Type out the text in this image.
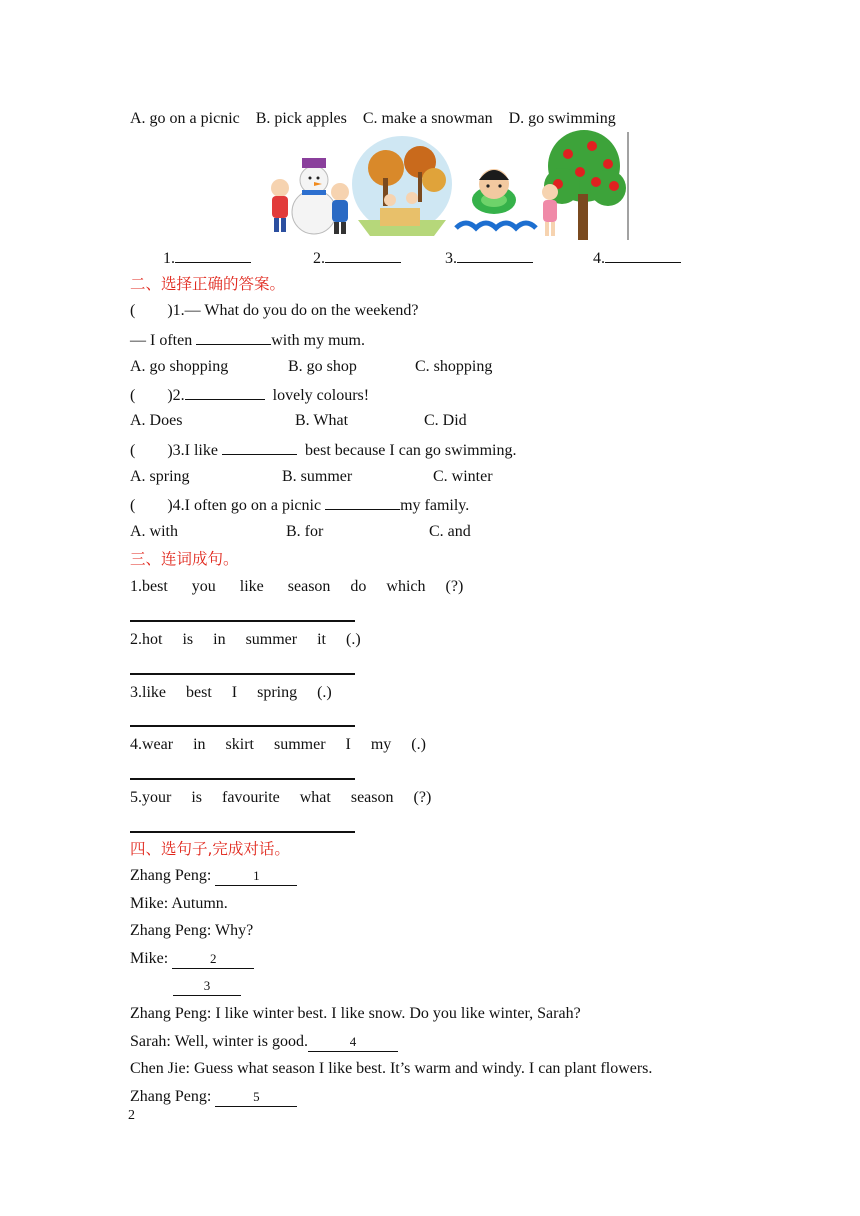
A. go on a picnic    B. pick apples    C. make a snowman    D. go swimming
1.	2.	3.	4.
二、选择正确的答案。
(        )1.— What do you do on the weekend?
— I often	with my mum.
A. go shopping	B. go shop	C. shopping
(        )2.	lovely colours!
A. Does	B. What	C. Did
(        )3.I like	best because I can go swimming.
A. spring	B. summer	C. winter
(        )4.I often go on a picnic	my family.
A. with	B. for	C. and
三、连词成句。
1.best      you      like      season     do     which     (?)
2.hot     is     in     summer     it     (.)
3.like     best     I     spring     (.)
4.wear     in     skirt     summer     I     my     (.)
5.your     is     favourite     what     season     (?)
四、选句子,完成对话。
Zhang Peng:	1
Mike: Autumn.
Zhang Peng: Why?
Mike:	2
3
Zhang Peng: I like winter best. I like snow. Do you like winter, Sarah?
Sarah: Well, winter is good.	4
Chen Jie: Guess what season I like best. It’s warm and windy. I can plant flowers.
Zhang Peng:	5
2
